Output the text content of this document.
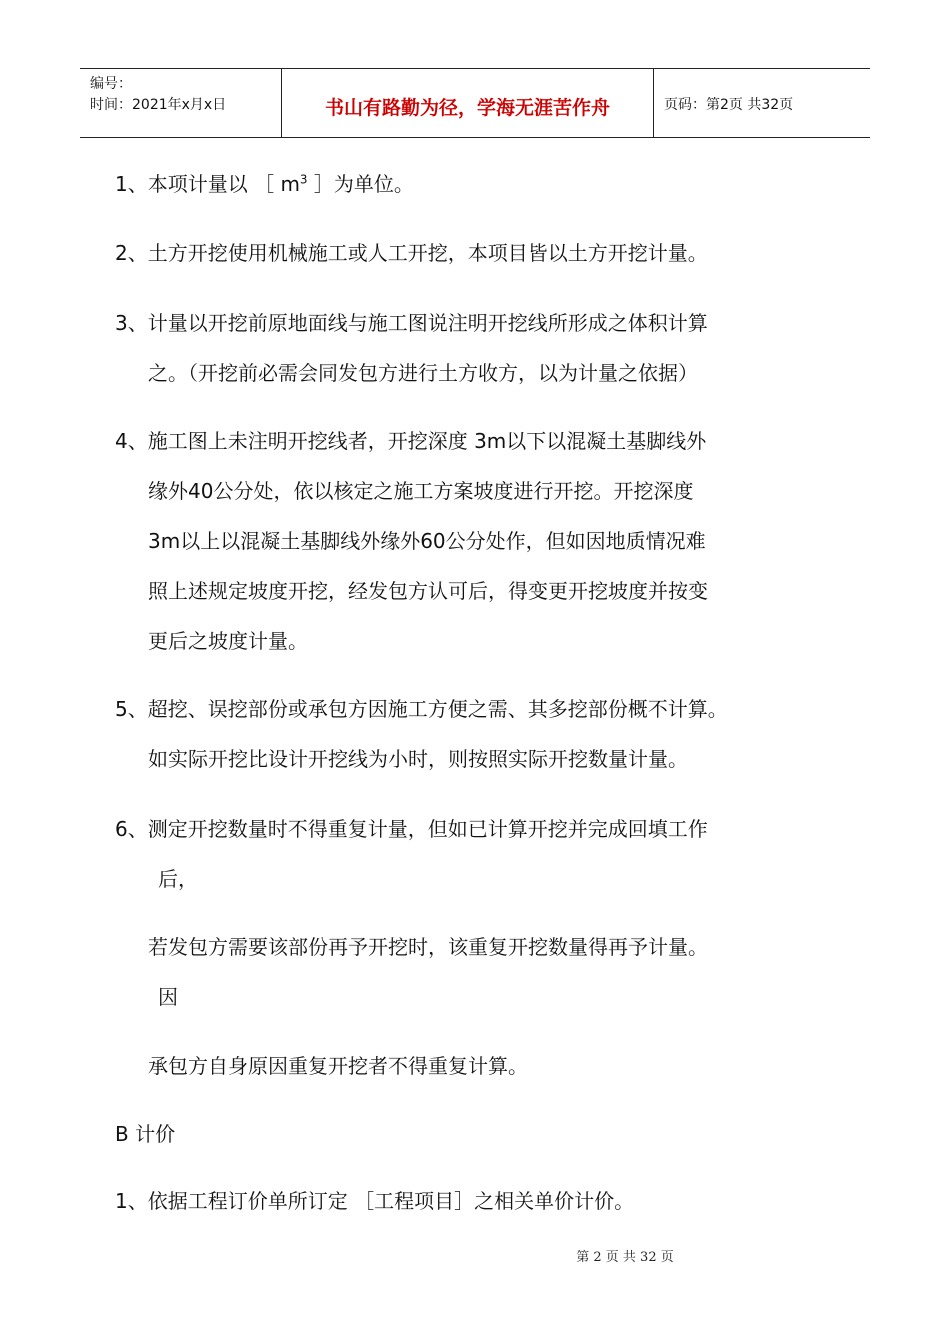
编号：
时间：2021年x月x日	书山有路勤为径，学海无涯苦作舟	页码：第2页 共32页
1、本项计量以 ［ $m^3$ ］为单位。
2、土方开挖使用机械施工或人工开挖，本项目皆以土方开挖计量。
3、计量以开挖前原地面线与施工图说注明开挖线所形成之体积计算
之。（开挖前必需会同发包方进行土方收方，以为计量之依据）
4、施工图上未注明开挖线者，开挖深度 3m以下以混凝土基脚线外
缘外40公分处，依以核定之施工方案坡度进行开挖。开挖深度
3m以上以混凝土基脚线外缘外60公分处作，但如因地质情况难
照上述规定坡度开挖，经发包方认可后，得变更开挖坡度并按变
更后之坡度计量。
5、超挖、误挖部份或承包方因施工方便之需、其多挖部份概不计算。
如实际开挖比设计开挖线为小时，则按照实际开挖数量计量。
6、测定开挖数量时不得重复计量，但如已计算开挖并完成回填工作
后，
若发包方需要该部份再予开挖时，该重复开挖数量得再予计量。
因
承包方自身原因重复开挖者不得重复计算。
B 计价
1、依据工程订价单所订定 ［工程项目］之相关单价计价。
第 2 页 共 32 页
